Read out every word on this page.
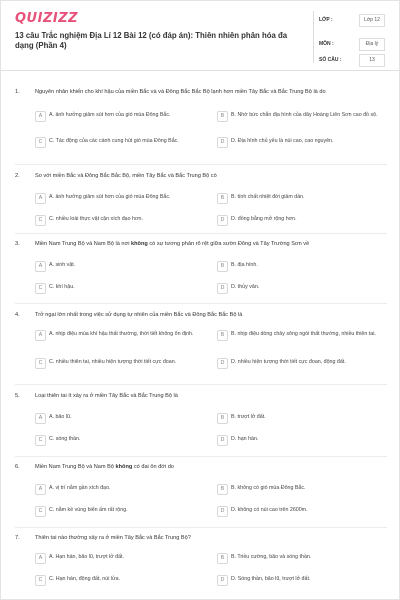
QUIZIZZ
13 câu Trắc nghiệm Địa Lí 12 Bài 12 (có đáp án): Thiên nhiên phân hóa đa dạng (Phần 4)
LỚP :	Lớp 12
MÔN :	Địa lý
SỐ CÂU :	13
1.	Nguyên nhân khiến cho khí hậu của miền Bắc và và Đông Bắc Bắc Bộ lạnh hơn miền Tây Bắc và Bắc Trung Bộ là do
A	A. ảnh hưởng giảm sút hơn của gió mùa Đông Bắc.	B	B. Nhờ bức chắn địa hình của dãy Hoàng Liên Sơn cao đồ sộ.
C	C. Tác động của các cánh cung hút gió mùa Đông Bắc.	D	D. Địa hình chủ yếu là núi cao, cao nguyên.
2.	So với miền Bắc và Đông Bắc Bắc Bộ, miền Tây Bắc và Bắc Trung Bộ có
A	A. ảnh hưởng giảm sút hơn của gió mùa Đông Bắc.	B	B. tính chất nhiệt đới giảm dần.
C	C. nhiều loài thực vật cận xích đạo hơn.	D	D. đồng bằng mở rộng hơn.
3.	Miền Nam Trung Bộ và Nam Bộ là nơi không có sự tương phản rõ rệt giữa sườn Đông và Tây Trường Sơn về
A	A. sinh vật.	B	B. địa hình.
C	C. khí hậu.	D	D. thủy văn.
4.	Trở ngại lớn nhất trong việc sử dụng tự nhiên của miền Bắc và Đông Bắc Bắc Bộ là
A	A. nhịp điệu mùa khí hậu thất thường, thời tiết không ổn định.	B	B. nhịp điệu dòng chảy sông ngòi thất thường, nhiều thiên tai.
C	C. nhiều thiên tai, nhiều hiện tượng thời tiết cực đoan.	D	D. nhiều hiện tượng thời tiết cực đoan, động đất.
5.	Loại thiên tai ít xảy ra ở miền Tây Bắc và Bắc Trung Bộ là
A	A. bão lũ.	B	B. trượt lở đất.
C	C. sóng thần.	D	D. hạn hán.
6.	Miền Nam Trung Bộ và Nam Bộ không có đai ôn đới do
A	A. vị trí nằm gần xích đạo.	B	B. không có gió mùa Đông Bắc.
C	C. nằm kề vùng biển ấm rất rộng.	D	D. không có núi cao trên 2600m.
7.	Thiên tai nào thường xảy ra ở miền Tây Bắc và Bắc Trung Bộ?
A	A. Hạn hán, bão lũ, trượt lở đất.	B	B. Triều cường, bão và sóng thần.
C	C. Hạn hán, động đất, núi lửa.	D	D. Sóng thần, bão lũ, trượt lở đất.
